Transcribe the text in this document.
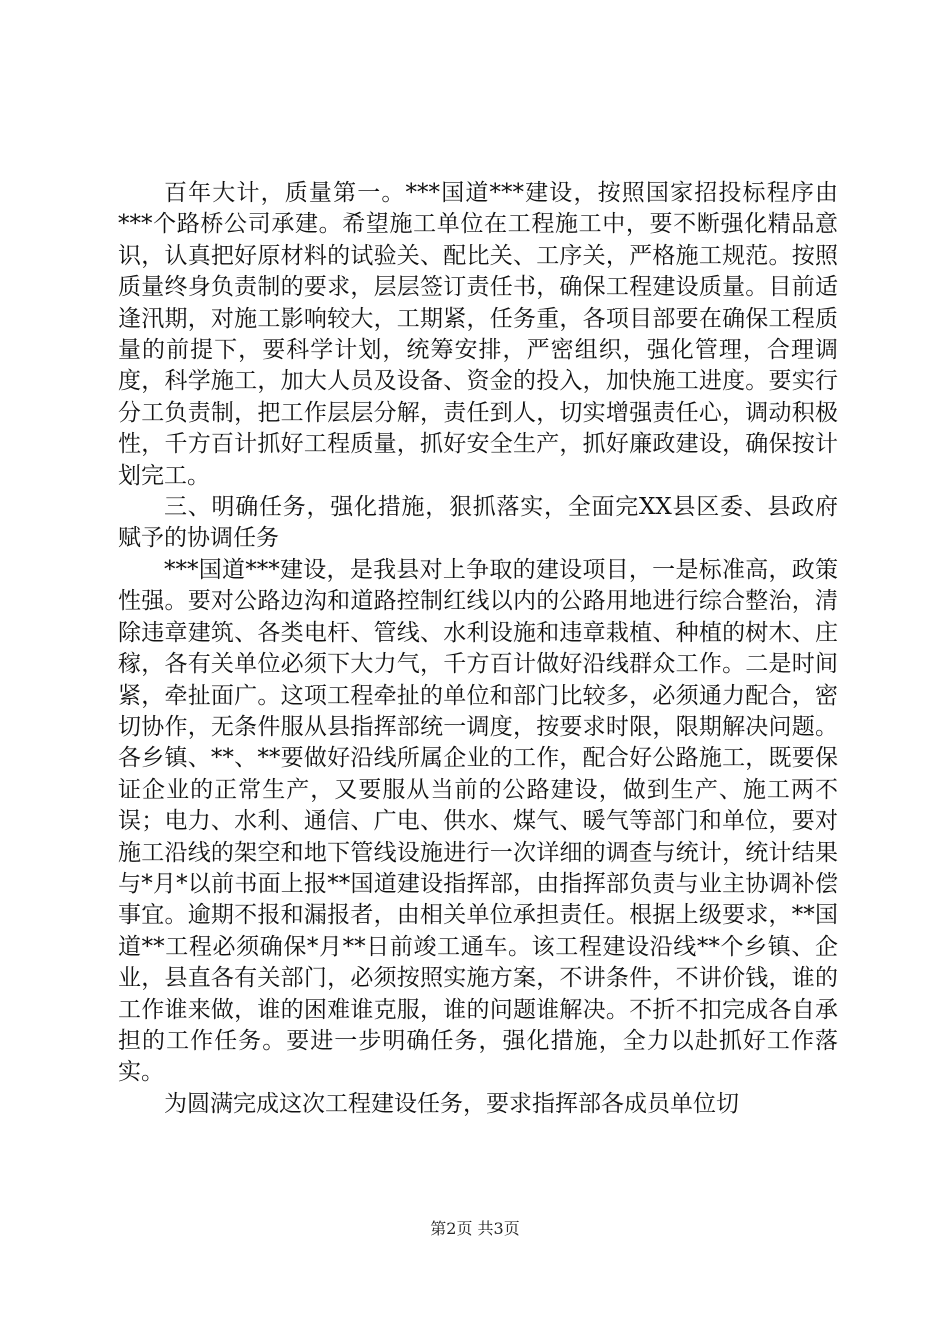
百年大计，质量第一。***国道***建设，按照国家招投标程序由***个路桥公司承建。希望施工单位在工程施工中，要不断强化精品意识，认真把好原材料的试验关、配比关、工序关，严格施工规范。按照质量终身负责制的要求，层层签订责任书，确保工程建设质量。目前适逢汛期，对施工影响较大，工期紧，任务重，各项目部要在确保工程质量的前提下，要科学计划，统筹安排，严密组织，强化管理，合理调度，科学施工，加大人员及设备、资金的投入，加快施工进度。要实行分工负责制，把工作层层分解，责任到人，切实增强责任心，调动积极性，千方百计抓好工程质量，抓好安全生产，抓好廉政建设，确保按计划完工。

三、明确任务，强化措施，狠抓落实，全面完XX县区委、县政府赋予的协调任务

***国道***建设，是我县对上争取的建设项目，一是标准高，政策性强。要对公路边沟和道路控制红线以内的公路用地进行综合整治，清除违章建筑、各类电杆、管线、水利设施和违章栽植、种植的树木、庄稼，各有关单位必须下大力气，千方百计做好沿线群众工作。二是时间紧，牵扯面广。这项工程牵扯的单位和部门比较多，必须通力配合，密切协作，无条件服从县指挥部统一调度，按要求时限，限期解决问题。各乡镇、**、**要做好沿线所属企业的工作，配合好公路施工，既要保证企业的正常生产，又要服从当前的公路建设，做到生产、施工两不误；电力、水利、通信、广电、供水、煤气、暖气等部门和单位，要对施工沿线的架空和地下管线设施进行一次详细的调查与统计，统计结果与*月*以前书面上报**国道建设指挥部，由指挥部负责与业主协调补偿事宜。逾期不报和漏报者，由相关单位承担责任。根据上级要求，**国道**工程必须确保*月**日前竣工通车。该工程建设沿线**个乡镇、企业，县直各有关部门，必须按照实施方案，不讲条件，不讲价钱，谁的工作谁来做，谁的困难谁克服，谁的问题谁解决。不折不扣完成各自承担的工作任务。要进一步明确任务，强化措施，全力以赴抓好工作落实。

为圆满完成这次工程建设任务，要求指挥部各成员单位切

第2页 共3页
